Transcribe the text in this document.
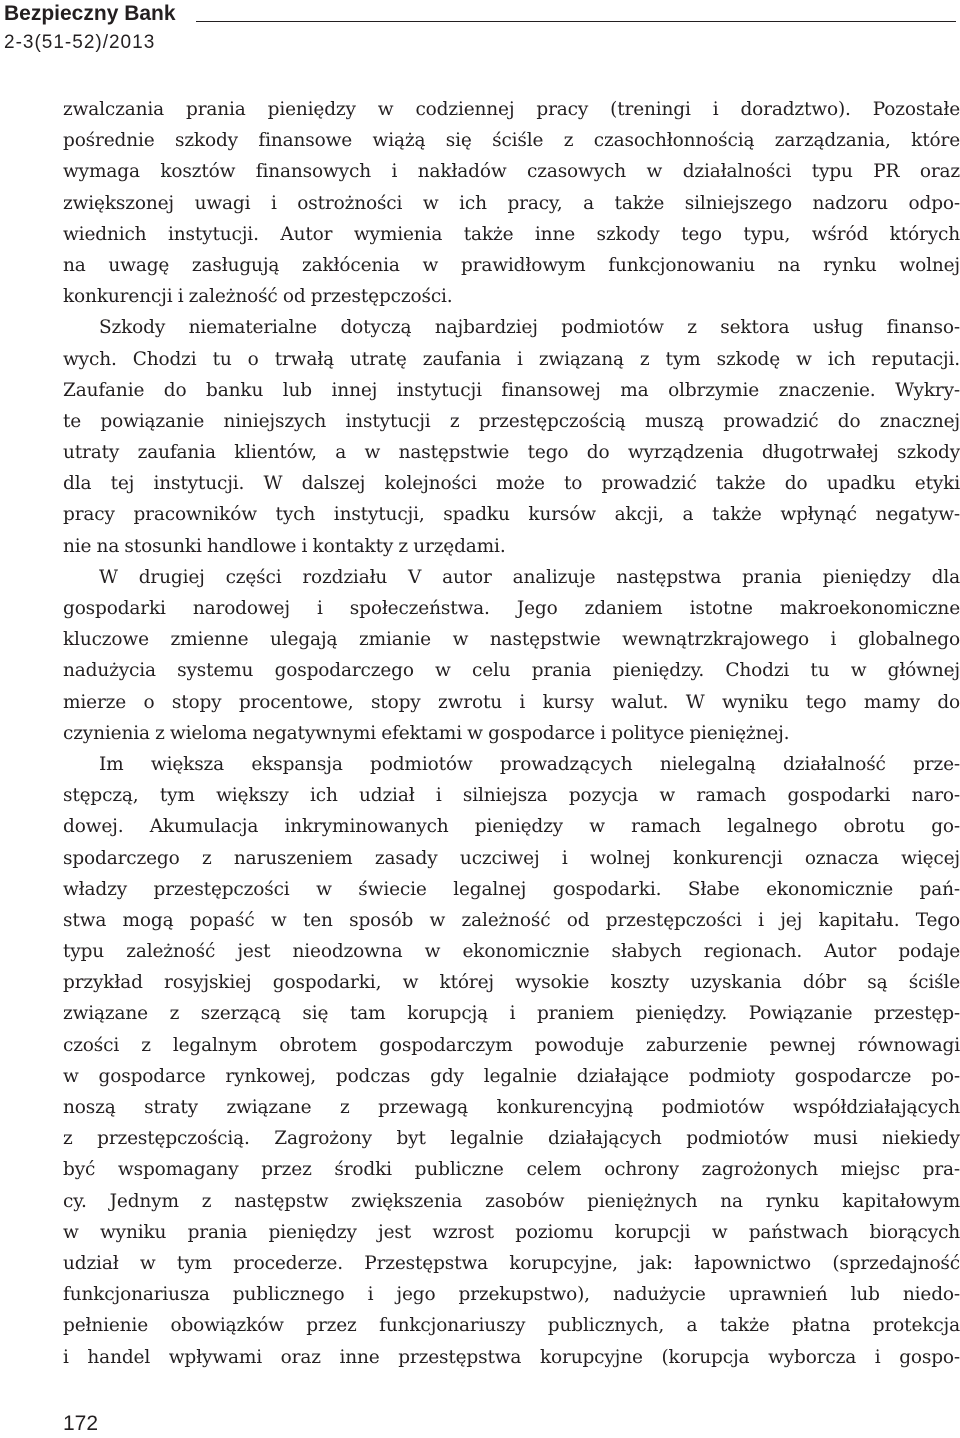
Bezpieczny Bank
2-3(51-52)/2013
zwalczania prania pieniędzy w codziennej pracy (treningi i doradztwo). Pozostałe
pośrednie szkody finansowe wiążą się ściśle z czasochłonnością zarządzania, które
wymaga kosztów finansowych i nakładów czasowych w działalności typu PR oraz
zwiększonej uwagi i ostrożności w ich pracy, a także silniejszego nadzoru odpo-
wiednich instytucji. Autor wymienia także inne szkody tego typu, wśród których
na uwagę zasługują zakłócenia w prawidłowym funkcjonowaniu na rynku wolnej
konkurencji i zależność od przestępczości.
Szkody niematerialne dotyczą najbardziej podmiotów z sektora usług finanso-
wych. Chodzi tu o trwałą utratę zaufania i związaną z tym szkodę w ich reputacji.
Zaufanie do banku lub innej instytucji finansowej ma olbrzymie znaczenie. Wykry-
te powiązanie niniejszych instytucji z przestępczością muszą prowadzić do znacznej
utraty zaufania klientów, a w następstwie tego do wyrządzenia długotrwałej szkody
dla tej instytucji. W dalszej kolejności może to prowadzić także do upadku etyki
pracy pracowników tych instytucji, spadku kursów akcji, a także wpłynąć negatyw-
nie na stosunki handlowe i kontakty z urzędami.
W drugiej części rozdziału V autor analizuje następstwa prania pieniędzy dla
gospodarki narodowej i społeczeństwa. Jego zdaniem istotne makroekonomiczne
kluczowe zmienne ulegają zmianie w następstwie wewnątrzkrajowego i globalnego
nadużycia systemu gospodarczego w celu prania pieniędzy. Chodzi tu w głównej
mierze o stopy procentowe, stopy zwrotu i kursy walut. W wyniku tego mamy do
czynienia z wieloma negatywnymi efektami w gospodarce i polityce pieniężnej.
Im większa ekspansja podmiotów prowadzących nielegalną działalność prze-
stępczą, tym większy ich udział i silniejsza pozycja w ramach gospodarki naro-
dowej. Akumulacja inkryminowanych pieniędzy w ramach legalnego obrotu go-
spodarczego z naruszeniem zasady uczciwej i wolnej konkurencji oznacza więcej
władzy przestępczości w świecie legalnej gospodarki. Słabe ekonomicznie pań-
stwa mogą popaść w ten sposób w zależność od przestępczości i jej kapitału. Tego
typu zależność jest nieodzowna w ekonomicznie słabych regionach. Autor podaje
przykład rosyjskiej gospodarki, w której wysokie koszty uzyskania dóbr są ściśle
związane z szerzącą się tam korupcją i praniem pieniędzy. Powiązanie przestęp-
czości z legalnym obrotem gospodarczym powoduje zaburzenie pewnej równowagi
w gospodarce rynkowej, podczas gdy legalnie działające podmioty gospodarcze po-
noszą straty związane z przewagą konkurencyjną podmiotów współdziałających
z przestępczością. Zagrożony byt legalnie działających podmiotów musi niekiedy
być wspomagany przez środki publiczne celem ochrony zagrożonych miejsc pra-
cy. Jednym z następstw zwiększenia zasobów pieniężnych na rynku kapitałowym
w wyniku prania pieniędzy jest wzrost poziomu korupcji w państwach biorących
udział w tym procederze. Przestępstwa korupcyjne, jak: łapownictwo (sprzedajność
funkcjonariusza publicznego i jego przekupstwo), nadużycie uprawnień lub niedo-
pełnienie obowiązków przez funkcjonariuszy publicznych, a także płatna protekcja
i handel wpływami oraz inne przestępstwa korupcyjne (korupcja wyborcza i gospo-
172
